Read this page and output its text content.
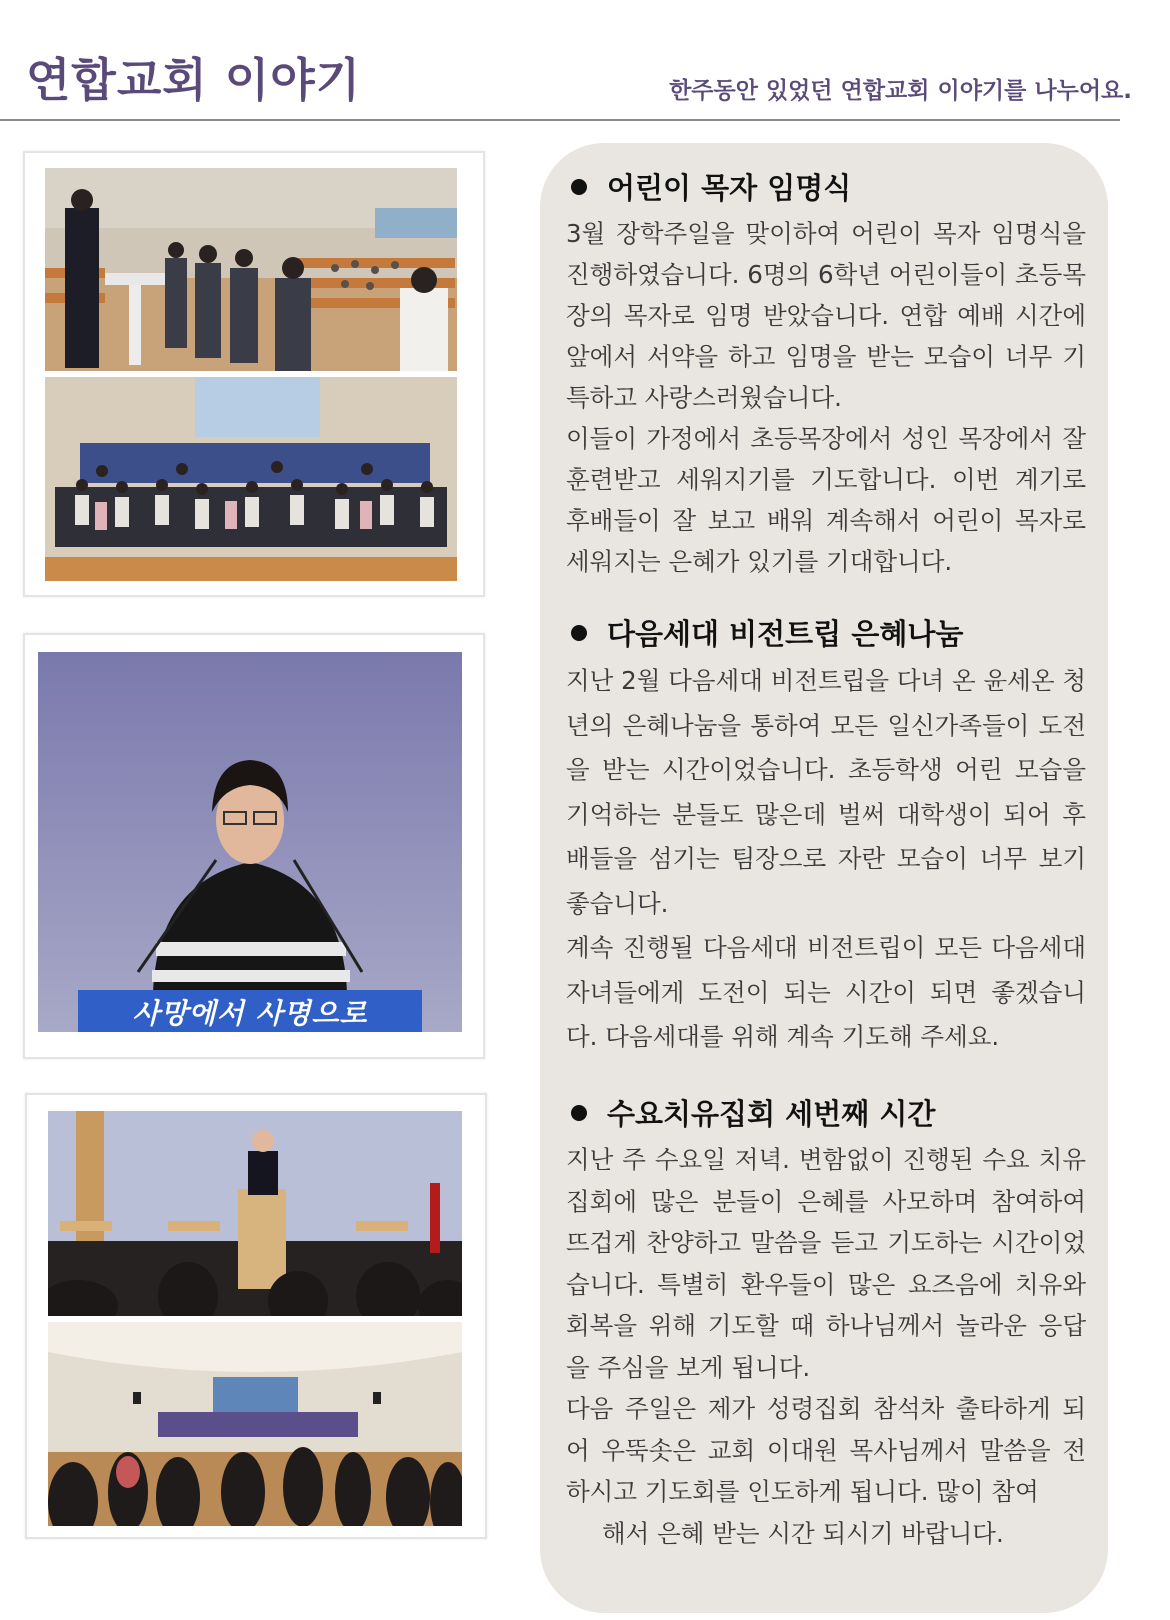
연합교회 이야기	한주동안 있었던 연합교회 이야기를 나누어요.
사망에서 사명으로
어린이 목자 임명식

3월 장학주일을 맞이하여 어린이 목자 임명식을 진행하였습니다. 6명의 6학년 어린이들이 초등목장의 목자로 임명 받았습니다. 연합 예배 시간에 앞에서 서약을 하고 임명을 받는 모습이 너무 기특하고 사랑스러웠습니다.

이들이 가정에서 초등목장에서 성인 목장에서 잘 훈련받고 세워지기를 기도합니다. 이번 계기로 후배들이 잘 보고 배워 계속해서 어린이 목자로 세워지는 은혜가 있기를 기대합니다.

다음세대 비전트립 은혜나눔

지난 2월 다음세대 비전트립을 다녀 온 윤세온 청년의 은혜나눔을 통하여 모든 일신가족들이 도전을 받는 시간이었습니다. 초등학생 어린 모습을 기억하는 분들도 많은데 벌써 대학생이 되어 후배들을 섬기는 팀장으로 자란 모습이 너무 보기 좋습니다.

계속 진행될 다음세대 비전트립이 모든 다음세대 자녀들에게 도전이 되는 시간이 되면 좋겠습니다. 다음세대를 위해 계속 기도해 주세요.

수요치유집회 세번째 시간

지난 주 수요일 저녁. 변함없이 진행된 수요 치유집회에 많은 분들이 은혜를 사모하며 참여하여 뜨겁게 찬양하고 말씀을 듣고 기도하는 시간이었습니다. 특별히 환우들이 많은 요즈음에 치유와 회복을 위해 기도할 때 하나님께서 놀라운 응답을 주심을 보게 됩니다.

다음 주일은 제가 성령집회 참석차 출타하게 되어 우뚝솟은 교회 이대원 목사님께서 말씀을 전하시고 기도회를 인도하게 됩니다. 많이 참여

해서 은혜 받는 시간 되시기 바랍니다.
